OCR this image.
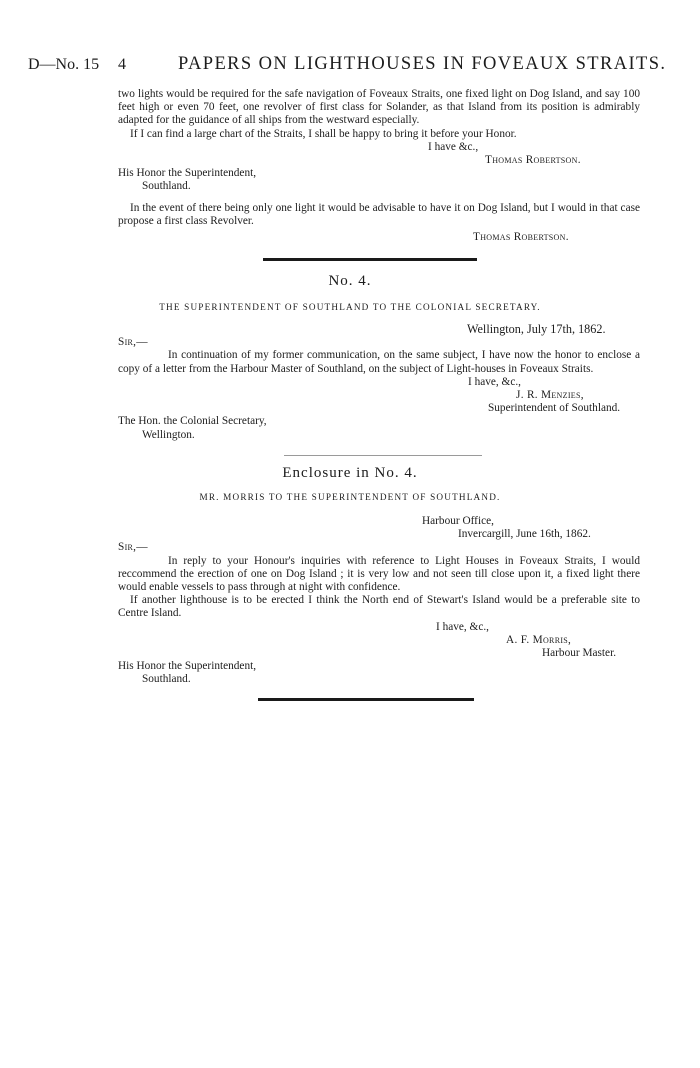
D—No. 15 4	PAPERS ON LIGHTHOUSES IN FOVEAUX STRAITS.

two lights would be required for the safe navigation of Foveaux Straits, one fixed light on Dog Island, and say 100 feet high or even 70 feet, one revolver of first class for Solander, as that Island from its position is admirably adapted for the guidance of all ships from the westward especially.

If I can find a large chart of the Straits, I shall be happy to bring it before your Honor.

I have &c.,
Thomas Robertson.
His Honor the Superintendent,
Southland.

In the event of there being only one light it would be advisable to have it on Dog Island, but I would in that case propose a first class Revolver.

Thomas Robertson.
No. 4.
THE SUPERINTENDENT OF SOUTHLAND TO THE COLONIAL SECRETARY.
Wellington, July 17th, 1862.
Sir,—

In continuation of my former communication, on the same subject, I have now the honor to enclose a copy of a letter from the Harbour Master of Southland, on the subject of Light-houses in Foveaux Straits.

I have, &c.,
J. R. Menzies,
Superintendent of Southland.
The Hon. the Colonial Secretary,
Wellington.
Enclosure in No. 4.
MR. MORRIS TO THE SUPERINTENDENT OF SOUTHLAND.
Harbour Office,
Invercargill, June 16th, 1862.
Sir,—

In reply to your Honour's inquiries with reference to Light Houses in Foveaux Straits, I would reccommend the erection of one on Dog Island ; it is very low and not seen till close upon it, a fixed light there would enable vessels to pass through at night with confidence.

If another lighthouse is to be erected I think the North end of Stewart's Island would be a preferable site to Centre Island.

I have, &c.,
A. F. Morris,
Harbour Master.
His Honor the Superintendent,
Southland.
